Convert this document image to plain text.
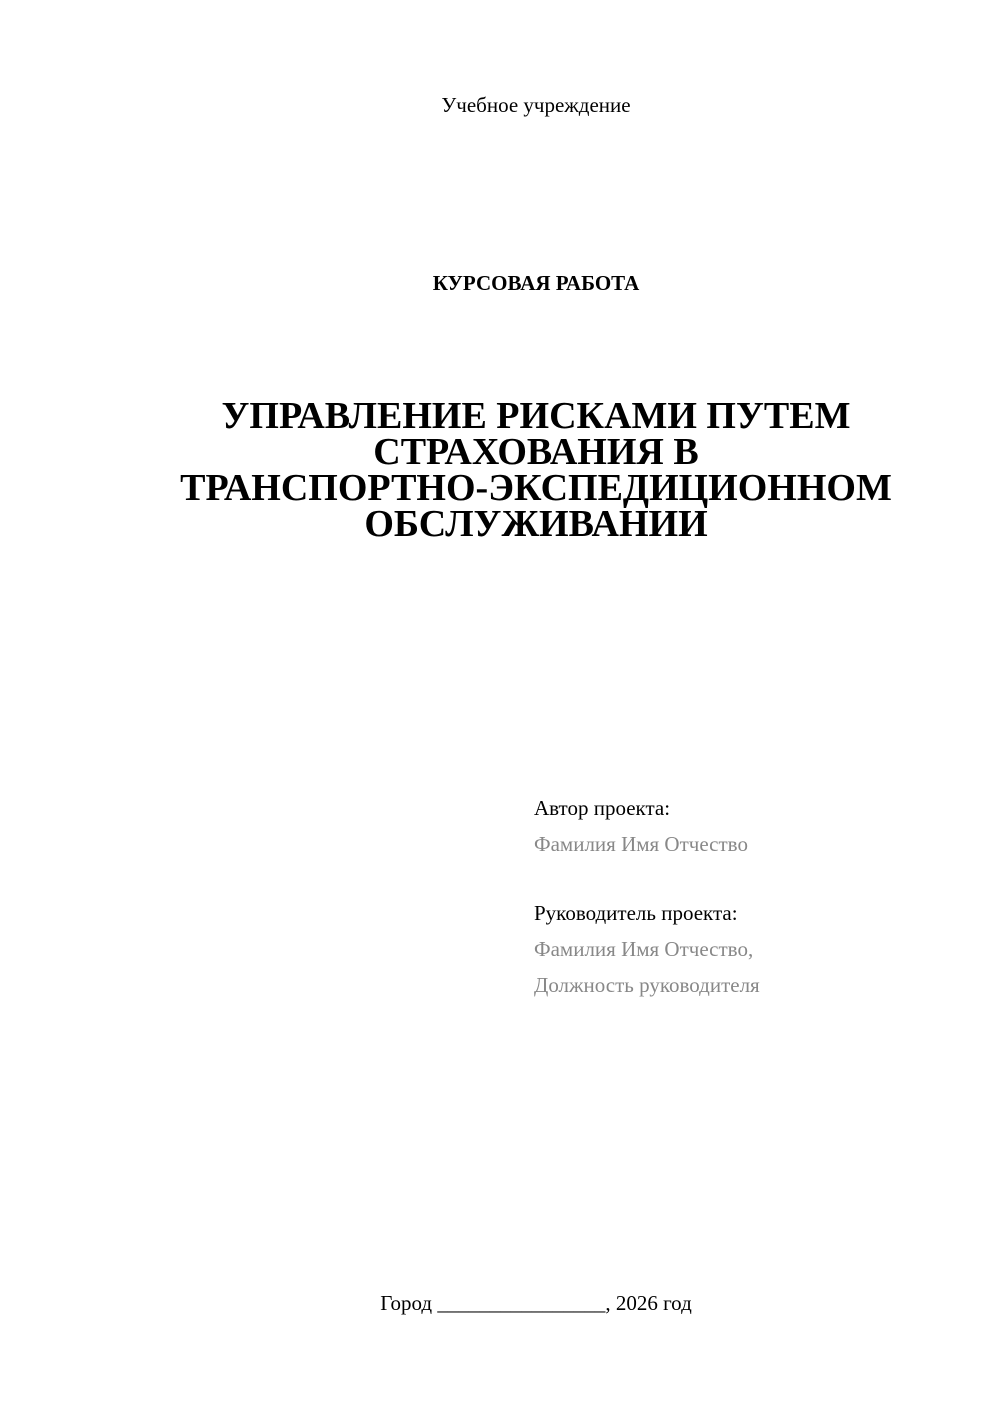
Учебное учреждение
КУРСОВАЯ РАБОТА
УПРАВЛЕНИЕ РИСКАМИ ПУТЕМ
СТРАХОВАНИЯ В
ТРАНСПОРТНО-ЭКСПЕДИЦИОННОМ
ОБСЛУЖИВАНИИ
Автор проекта:
Фамилия Имя Отчество
Руководитель проекта:
Фамилия Имя Отчество,
Должность руководителя
Город ________________, 2026 год
